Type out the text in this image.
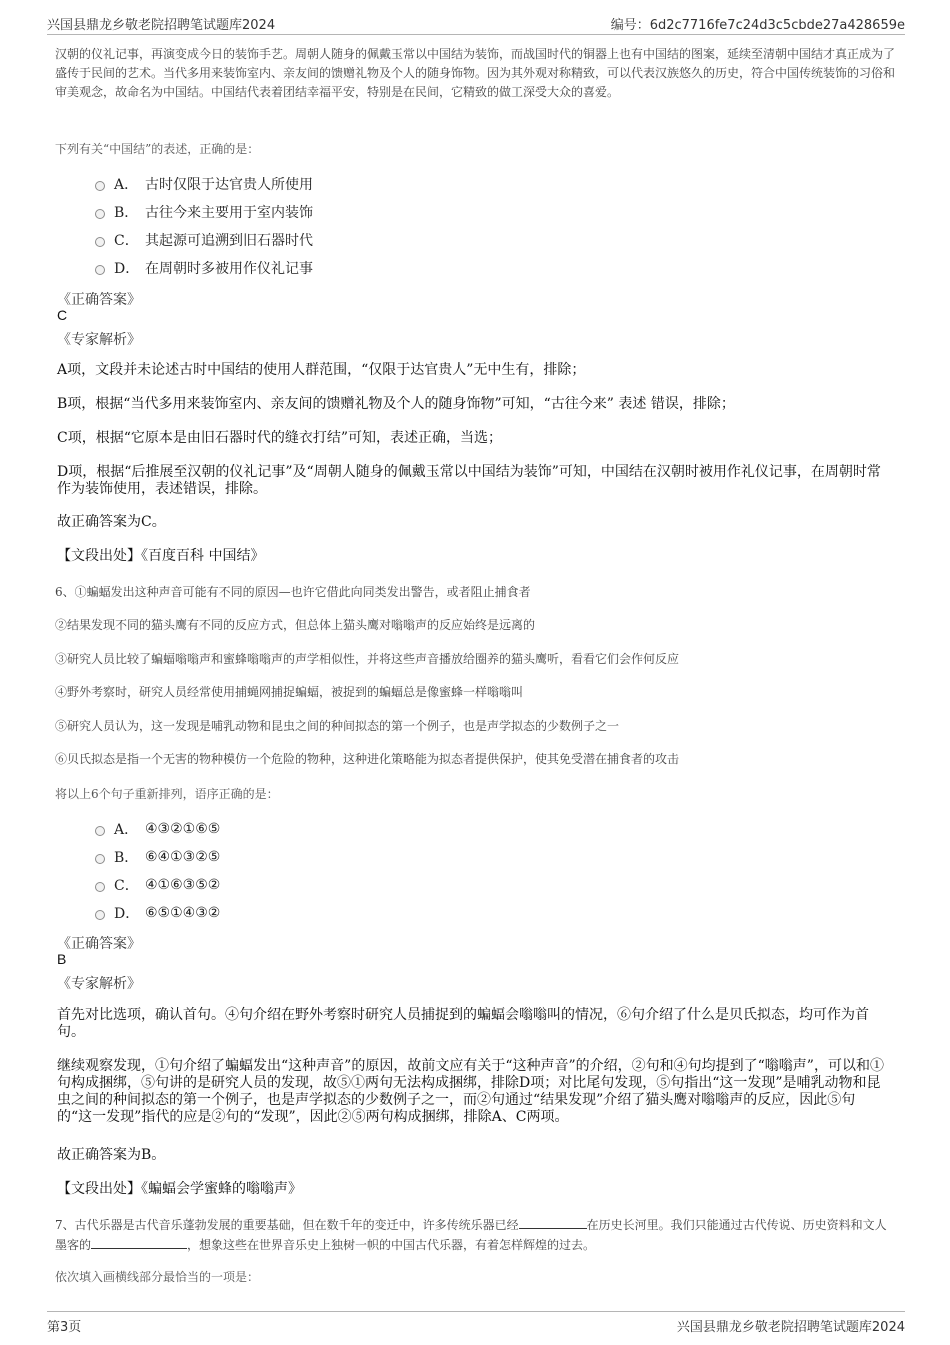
兴国县鼎龙乡敬老院招聘笔试题库2024	编号：6d2c7716fe7c24d3c5cbde27a428659e
汉朝的仪礼记事，再演变成今日的装饰手艺。周朝人随身的佩戴玉常以中国结为装饰，而战国时代的铜器上也有中国结的图案，延续至清朝中国结才真正成为了盛传于民间的艺术。当代多用来装饰室内、亲友间的馈赠礼物及个人的随身饰物。因为其外观对称精致，可以代表汉族悠久的历史，符合中国传统装饰的习俗和审美观念，故命名为中国结。中国结代表着团结幸福平安，特别是在民间，它精致的做工深受大众的喜爱。
下列有关“中国结”的表述，正确的是：
A． 古时仅限于达官贵人所使用
B． 古往今来主要用于室内装饰
C． 其起源可追溯到旧石器时代
D． 在周朝时多被用作仪礼记事
《正确答案》
C
《专家解析》
A项，文段并未论述古时中国结的使用人群范围，“仅限于达官贵人”无中生有，排除；
B项，根据“当代多用来装饰室内、亲友间的馈赠礼物及个人的随身饰物”可知，“古往今来” 表述 错误，排除；
C项，根据“它原本是由旧石器时代的缝衣打结”可知，表述正确，当选；
D项，根据“后推展至汉朝的仪礼记事”及“周朝人随身的佩戴玉常以中国结为装饰”可知，中国结在汉朝时被用作礼仪记事，在周朝时常作为装饰使用，表述错误，排除。
故正确答案为C。
【文段出处】《百度百科 中国结》
6、①蝙蝠发出这种声音可能有不同的原因—也许它借此向同类发出警告，或者阻止捕食者
②结果发现不同的猫头鹰有不同的反应方式，但总体上猫头鹰对嗡嗡声的反应始终是远离的
③研究人员比较了蝙蝠嗡嗡声和蜜蜂嗡嗡声的声学相似性，并将这些声音播放给圈养的猫头鹰听，看看它们会作何反应
④野外考察时，研究人员经常使用捕蝇网捕捉蝙蝠，被捉到的蝙蝠总是像蜜蜂一样嗡嗡叫
⑤研究人员认为，这一发现是哺乳动物和昆虫之间的种间拟态的第一个例子，也是声学拟态的少数例子之一
⑥贝氏拟态是指一个无害的物种模仿一个危险的物种，这种进化策略能为拟态者提供保护，使其免受潜在捕食者的攻击
将以上6个句子重新排列，语序正确的是：
A． ④③②①⑥⑤
B． ⑥④①③②⑤
C． ④①⑥③⑤②
D． ⑥⑤①④③②
《正确答案》
B
《专家解析》
首先对比选项，确认首句。④句介绍在野外考察时研究人员捕捉到的蝙蝠会嗡嗡叫的情况，⑥句介绍了什么是贝氏拟态，均可作为首句。
继续观察发现，①句介绍了蝙蝠发出“这种声音”的原因，故前文应有关于“这种声音”的介绍，②句和④句均提到了“嗡嗡声”，可以和①句构成捆绑，⑤句讲的是研究人员的发现，故⑤①两句无法构成捆绑，排除D项；对比尾句发现，⑤句指出“这一发现”是哺乳动物和昆虫之间的种间拟态的第一个例子，也是声学拟态的少数例子之一，而②句通过“结果发现”介绍了猫头鹰对嗡嗡声的反应，因此⑤句的“这一发现”指代的应是②句的“发现”，因此②⑤两句构成捆绑，排除A、C两项。
故正确答案为B。
【文段出处】《蝙蝠会学蜜蜂的嗡嗡声》
7、古代乐器是古代音乐蓬勃发展的重要基础，但在数千年的变迁中，许多传统乐器已经	在历史长河里。我们只能通过古代传说、历史资料和文人墨客的	，想象这些在世界音乐史上独树一帜的中国古代乐器，有着怎样辉煌的过去。
依次填入画横线部分最恰当的一项是：
第3页	兴国县鼎龙乡敬老院招聘笔试题库2024
